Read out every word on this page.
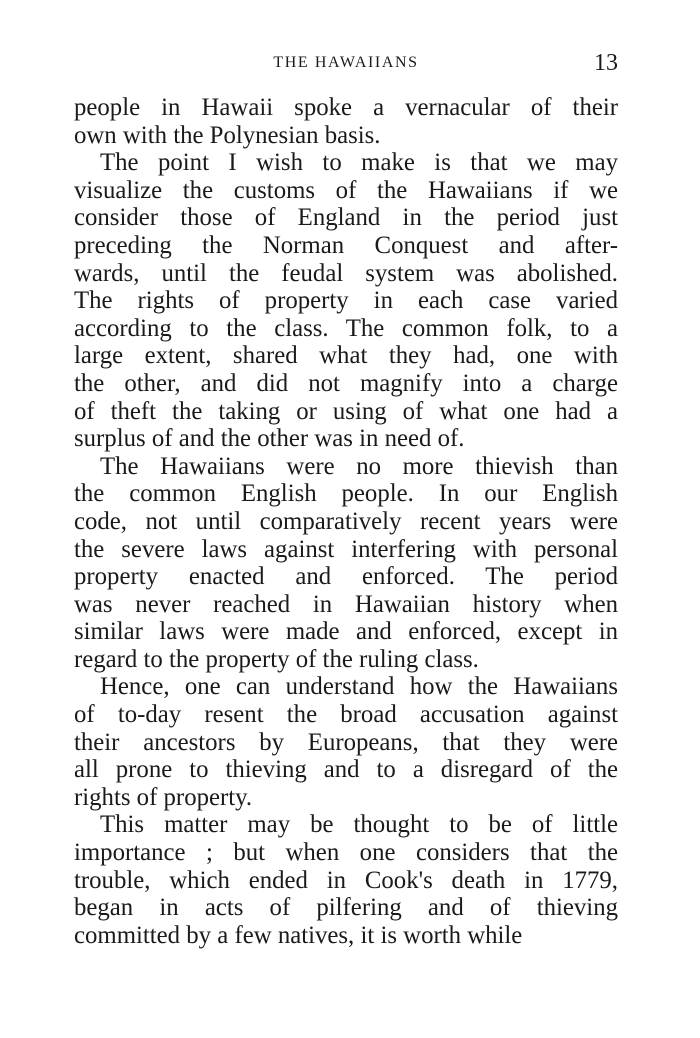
THE HAWAIIANS	13

people in Hawaii spoke a vernacular of their
own with the Polynesian basis.

The point I wish to make is that we may
visualize the customs of the Hawaiians if we
consider those of England in the period just
preceding the Norman Conquest and after-
wards, until the feudal system was abolished.
The rights of property in each case varied
according to the class. The common folk, to a
large extent, shared what they had, one with
the other, and did not magnify into a charge
of theft the taking or using of what one had a
surplus of and the other was in need of.

The Hawaiians were no more thievish than
the common English people. In our English
code, not until comparatively recent years were
the severe laws against interfering with personal
property enacted and enforced. The period
was never reached in Hawaiian history when
similar laws were made and enforced, except in
regard to the property of the ruling class.

Hence, one can understand how the Hawaiians
of to-day resent the broad accusation against
their ancestors by Europeans, that they were
all prone to thieving and to a disregard of the
rights of property.

This matter may be thought to be of little
importance ; but when one considers that the
trouble, which ended in Cook's death in 1779,
began in acts of pilfering and of thieving
committed by a few natives, it is worth while
